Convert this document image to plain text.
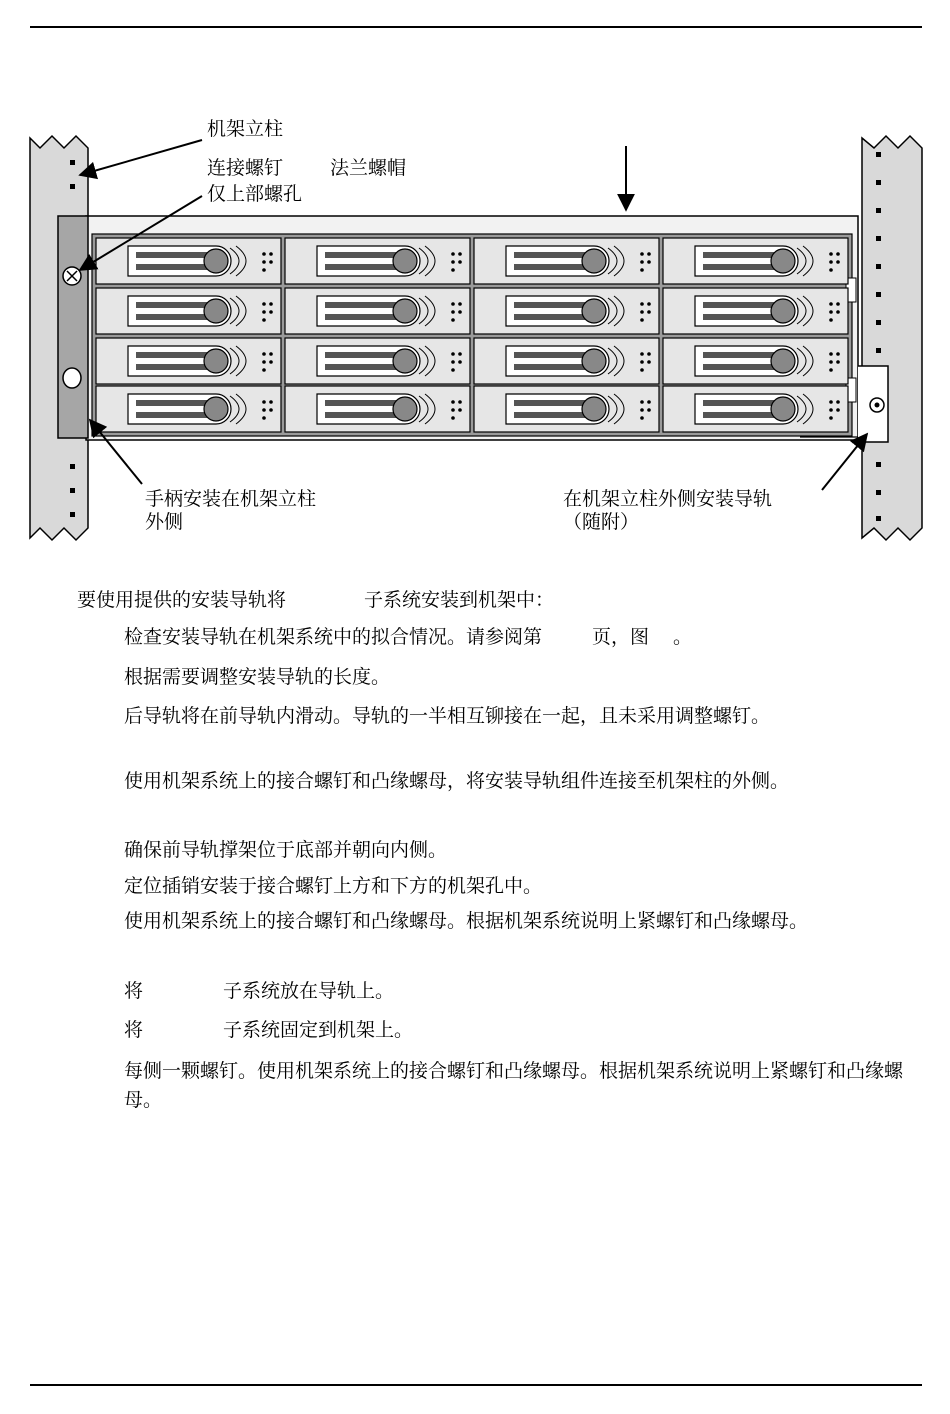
机架立柱
连接螺钉 法兰螺帽
仅上部螺孔
手柄安装在机架立柱
外侧
在机架立柱外侧安装导轨
（随附）
要使用提供的安装导轨将	子系统安装到机架中：
检查安装导轨在机架系统中的拟合情况。请参阅第	页，图 。
根据需要调整安装导轨的长度。
后导轨将在前导轨内滑动。导轨的一半相互铆接在一起，且未采用调整螺钉。
使用机架系统上的接合螺钉和凸缘螺母，将安装导轨组件连接至机架柱的外侧。
确保前导轨撑架位于底部并朝向内侧。
定位插销安装于接合螺钉上方和下方的机架孔中。
使用机架系统上的接合螺钉和凸缘螺母。根据机架系统说明上紧螺钉和凸缘螺母。
将	子系统放在导轨上。
将	子系统固定到机架上。
每侧一颗螺钉。使用机架系统上的接合螺钉和凸缘螺母。根据机架系统说明上紧螺钉和凸缘螺母。
